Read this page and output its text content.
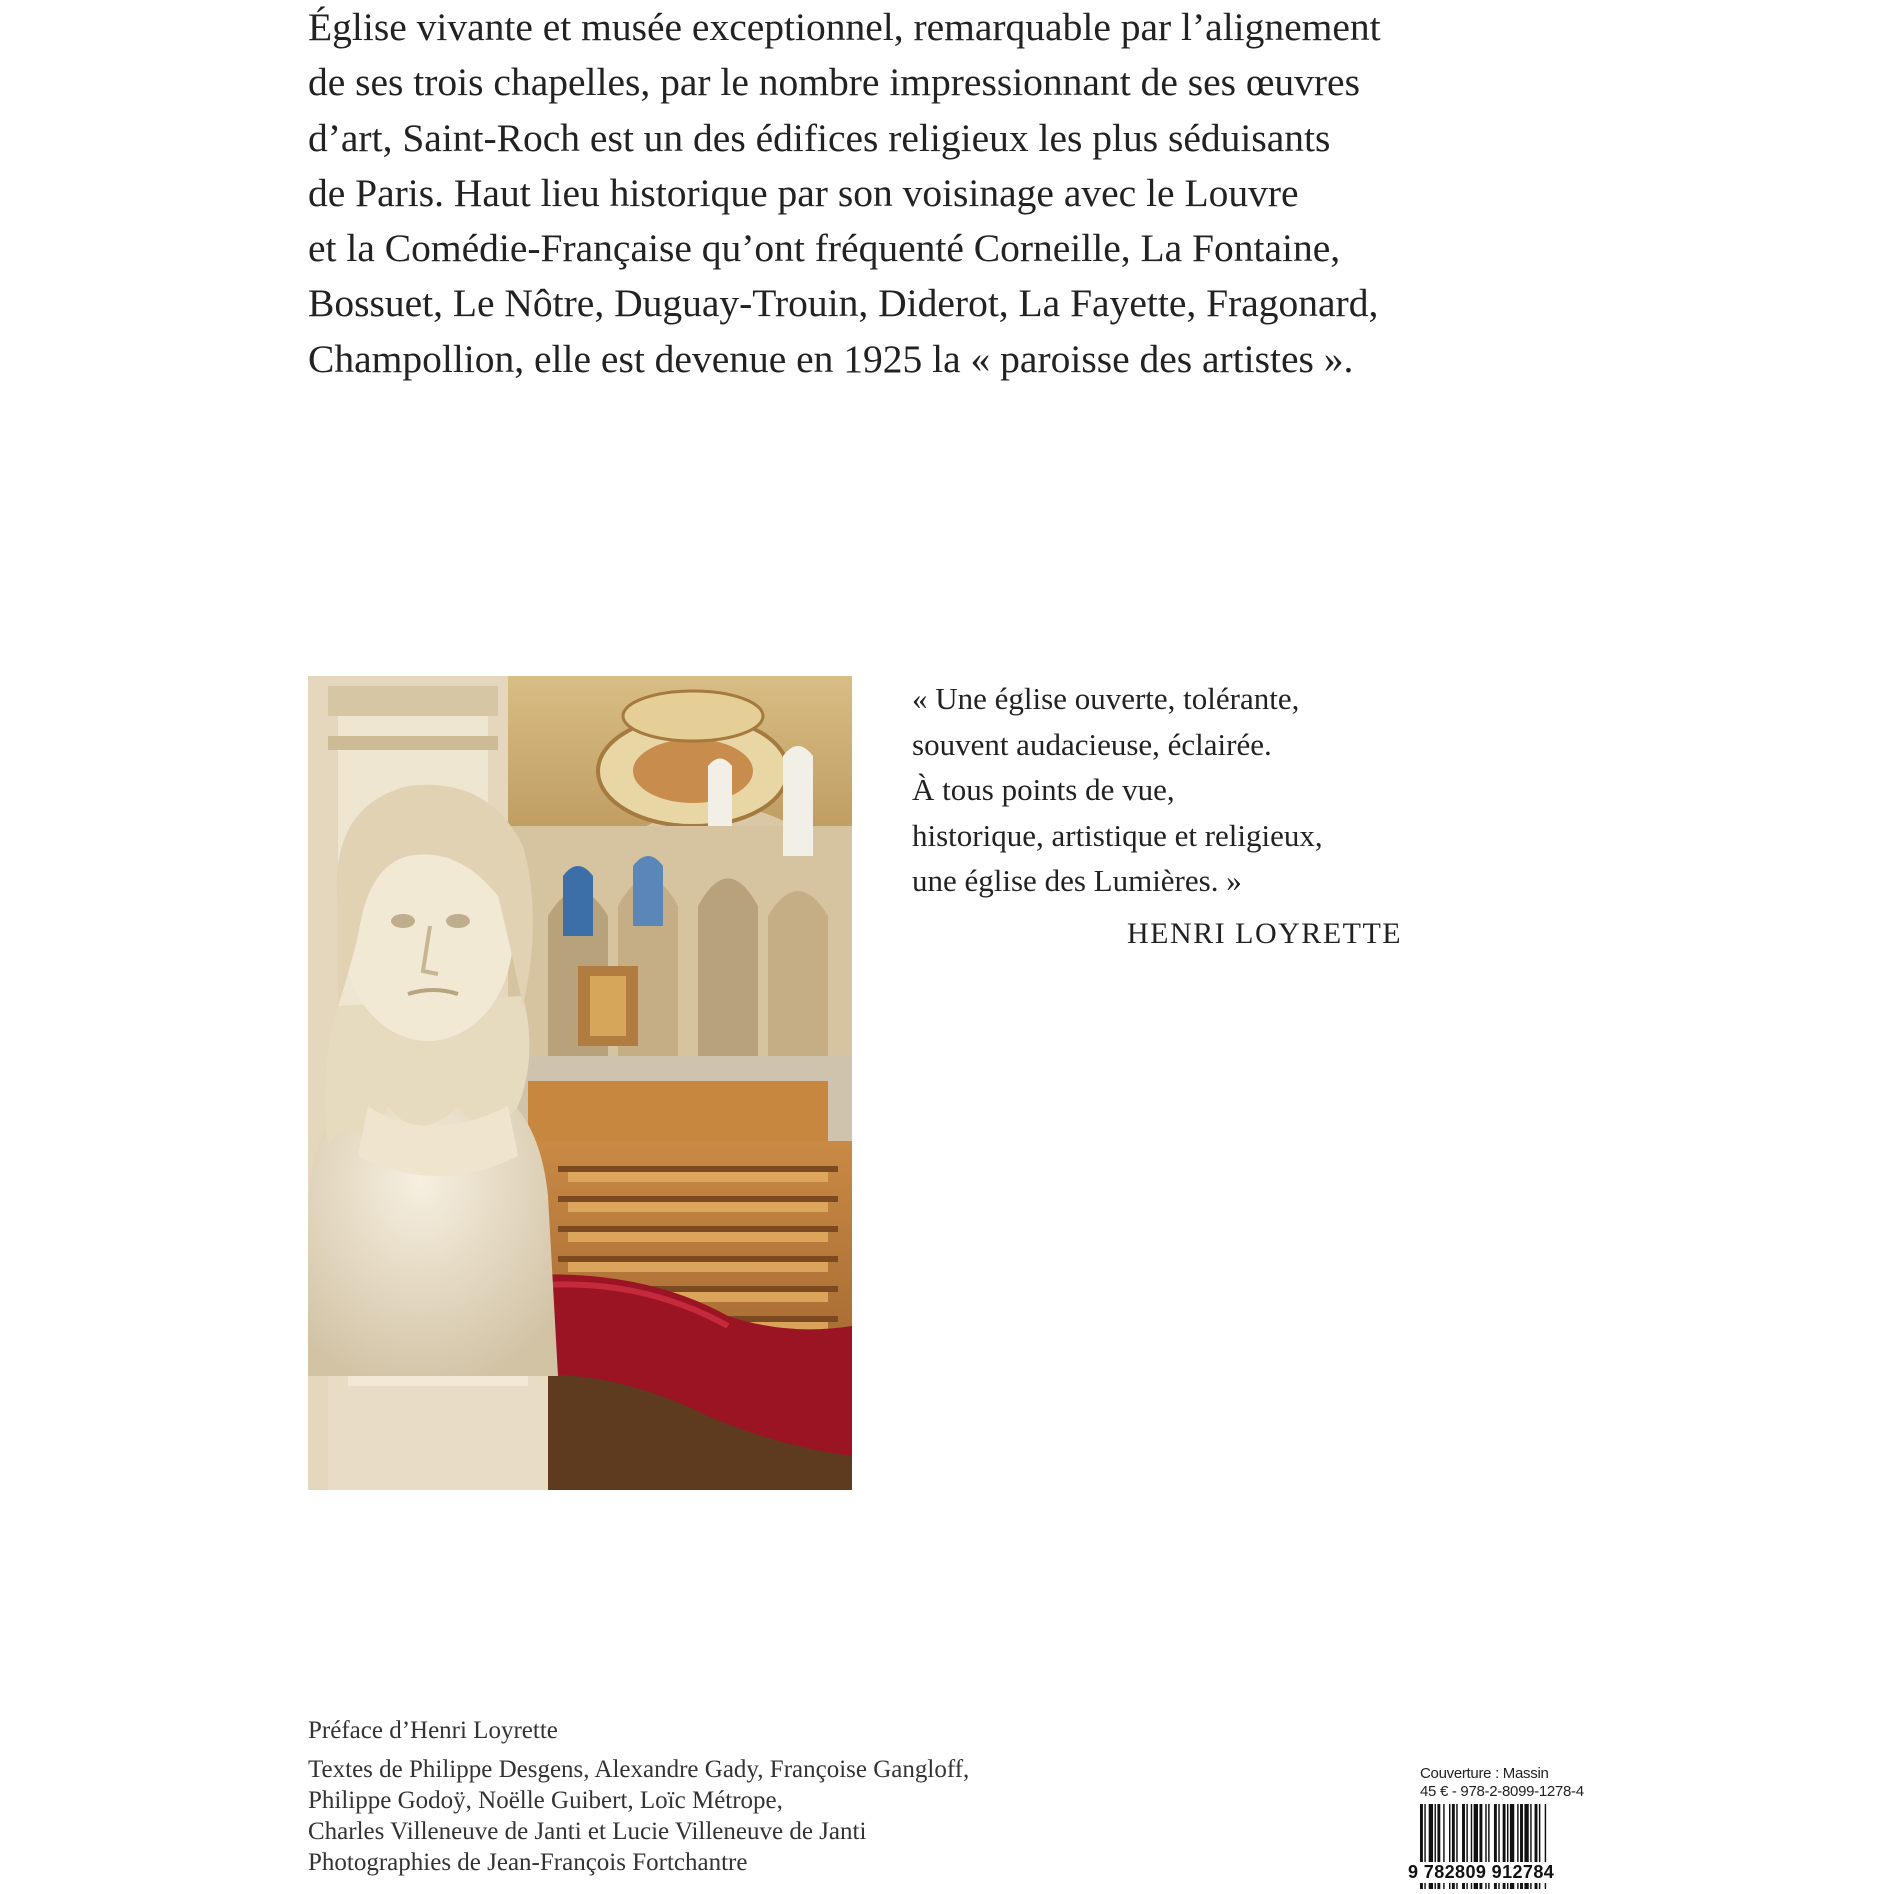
Église vivante et musée exceptionnel, remarquable par l’alignement
de ses trois chapelles, par le nombre impressionnant de ses œuvres
d’art, Saint-Roch est un des édifices religieux les plus séduisants
de Paris. Haut lieu historique par son voisinage avec le Louvre
et la Comédie-Française qu’ont fréquenté Corneille, La Fontaine,
Bossuet, Le Nôtre, Duguay-Trouin, Diderot, La Fayette, Fragonard,
Champollion, elle est devenue en 1925 la « paroisse des artistes ».
« Une église ouverte, tolérante,
souvent audacieuse, éclairée.
À tous points de vue,
historique, artistique et religieux,
une église des Lumières. »
HENRI LOYRETTE
Préface d’Henri Loyrette
Textes de Philippe Desgens, Alexandre Gady, Françoise Gangloff,
Philippe Godoÿ, Noëlle Guibert, Loïc Métrope,
Charles Villeneuve de Janti et Lucie Villeneuve de Janti
Photographies de Jean-François Fortchantre
Couverture : Massin
45 € - 978-2-8099-1278-4
9 782809 912784
